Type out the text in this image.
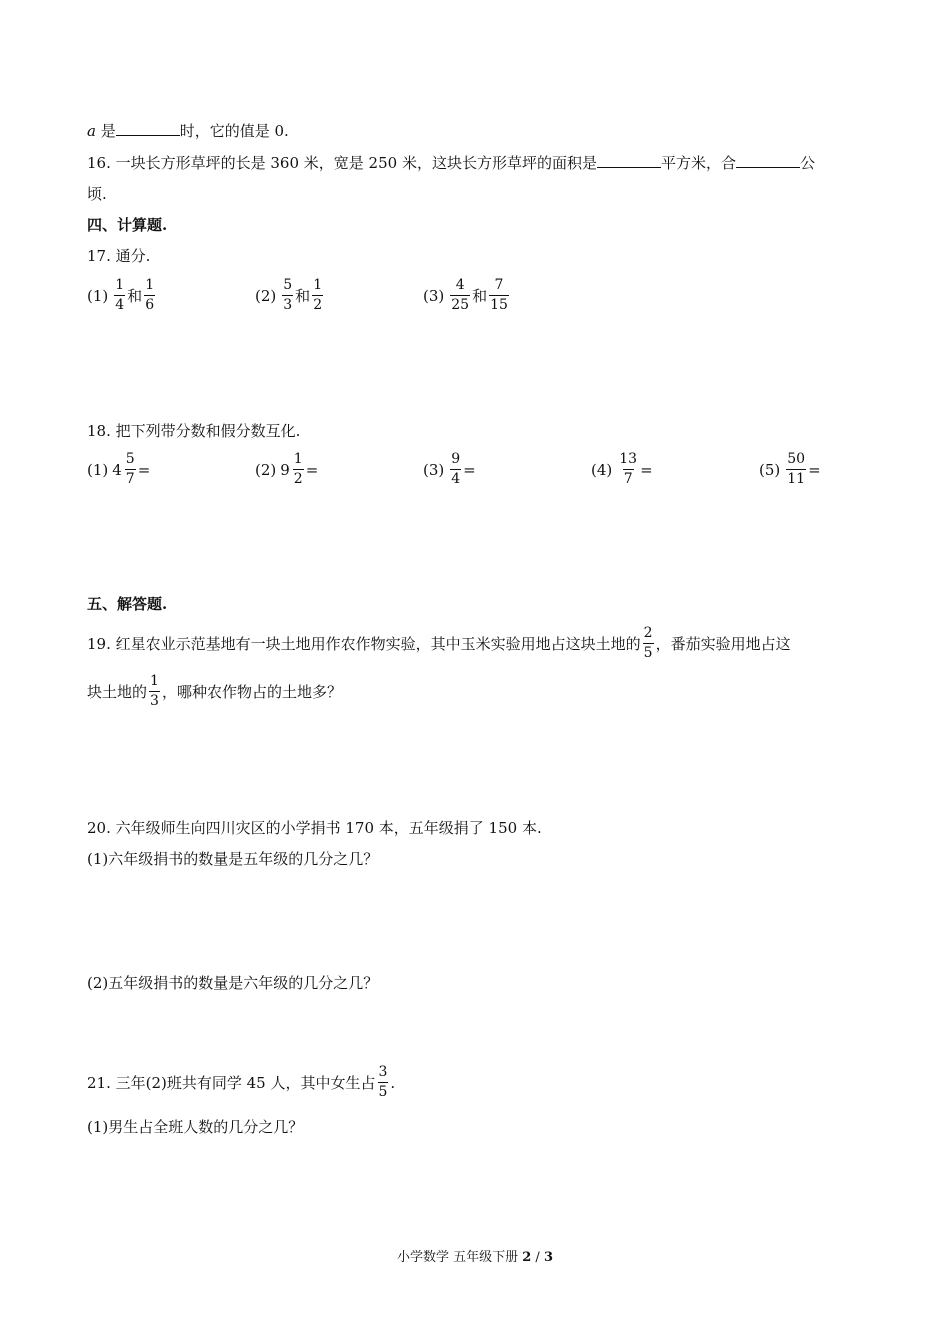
a 是	时，它的值是 0.
16. 一块长方形草坪的长是 360 米，宽是 250 米，这块长方形草坪的面积是	平方米，合	公
顷.
四、计算题.
17. 通分.
$(1) \frac{1}{4}$ 和 $\frac{1}{6}$	$(2) \frac{5}{3}$ 和 $\frac{1}{2}$	$(3) \frac{4}{25}$ 和 $\frac{7}{15}$
18. 把下列带分数和假分数互化.
(1) $4 \frac{5}{7}$ =	(2) $9 \frac{1}{2}$ =	$(3) \frac{9}{4}$ =	$(4) \frac{13}{7}$ =	$(5) \frac{50}{11}$ =
五、解答题.
19. 红星农业示范基地有一块土地用作农作物实验，其中玉米实验用地占这块土地的 $\frac{2}{5}$ ，番茄实验用地占这
块土地的 $\frac{1}{3}$ ，哪种农作物占的土地多？
20. 六年级师生向四川灾区的小学捐书 170 本，五年级捐了 150 本.
(1)六年级捐书的数量是五年级的几分之几？
(2)五年级捐书的数量是六年级的几分之几？
21. 三年(2)班共有同学 45 人，其中女生占 $\frac{3}{5}$ .
(1)男生占全班人数的几分之几？
小学数学 五年级下册 2 / 3
